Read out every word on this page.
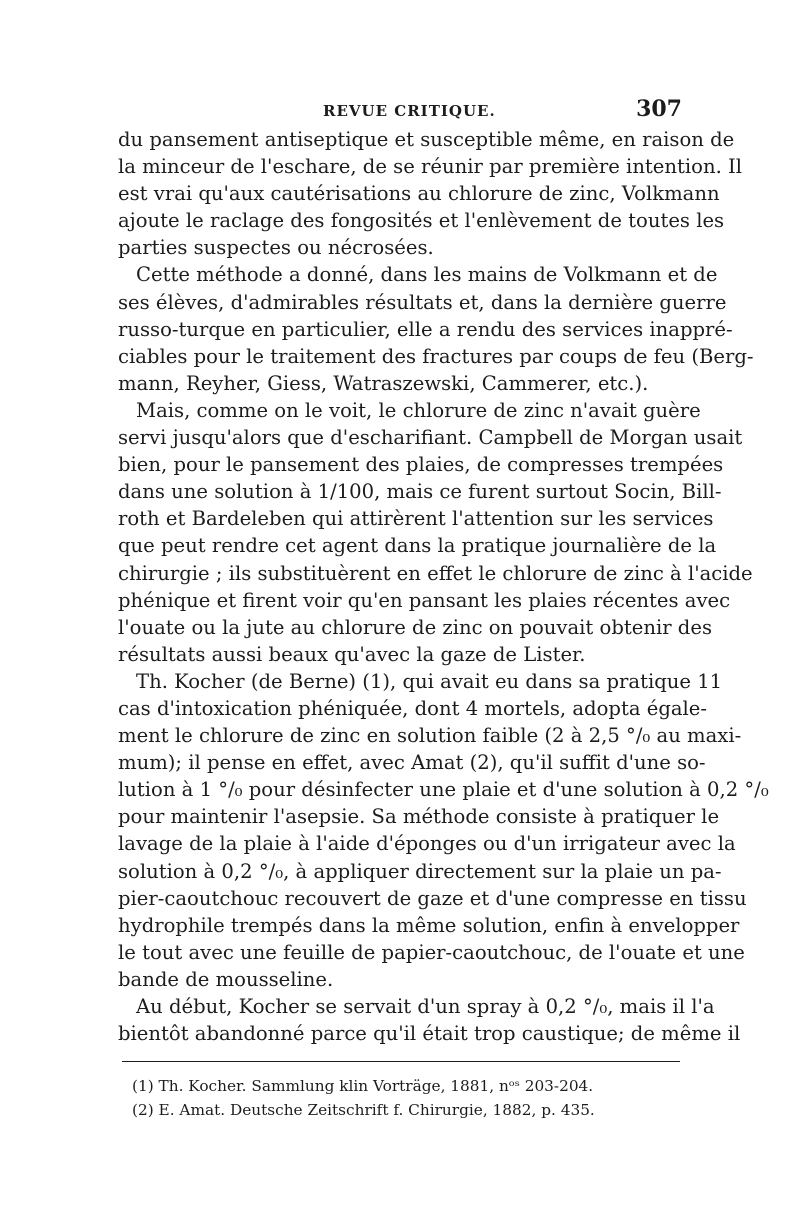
REVUE CRITIQUE.	307
du pansement antiseptique et susceptible même, en raison de
la minceur de l'eschare, de se réunir par première intention. Il
est vrai qu'aux cautérisations au chlorure de zinc, Volkmann
ajoute le raclage des fongosités et l'enlèvement de toutes les
parties suspectes ou nécrosées.
Cette méthode a donné, dans les mains de Volkmann et de
ses élèves, d'admirables résultats et, dans la dernière guerre
russo-turque en particulier, elle a rendu des services inappré-
ciables pour le traitement des fractures par coups de feu (Berg-
mann, Reyher, Giess, Watraszewski, Cammerer, etc.).
Mais, comme on le voit, le chlorure de zinc n'avait guère
servi jusqu'alors que d'escharifiant. Campbell de Morgan usait
bien, pour le pansement des plaies, de compresses trempées
dans une solution à 1/100, mais ce furent surtout Socin, Bill-
roth et Bardeleben qui attirèrent l'attention sur les services
que peut rendre cet agent dans la pratique journalière de la
chirurgie ; ils substituèrent en effet le chlorure de zinc à l'acide
phénique et firent voir qu'en pansant les plaies récentes avec
l'ouate ou la jute au chlorure de zinc on pouvait obtenir des
résultats aussi beaux qu'avec la gaze de Lister.
Th. Kocher (de Berne) (1), qui avait eu dans sa pratique 11
cas d'intoxication phéniquée, dont 4 mortels, adopta égale-
ment le chlorure de zinc en solution faible (2 à 2,5 °/₀ au maxi-
mum); il pense en effet, avec Amat (2), qu'il suffit d'une so-
lution à 1 °/₀ pour désinfecter une plaie et d'une solution à 0,2 °/₀
pour maintenir l'asepsie. Sa méthode consiste à pratiquer le
lavage de la plaie à l'aide d'éponges ou d'un irrigateur avec la
solution à 0,2 °/₀, à appliquer directement sur la plaie un pa-
pier-caoutchouc recouvert de gaze et d'une compresse en tissu
hydrophile trempés dans la même solution, enfin à envelopper
le tout avec une feuille de papier-caoutchouc, de l'ouate et une
bande de mousseline.
Au début, Kocher se servait d'un spray à 0,2 °/₀, mais il l'a
bientôt abandonné parce qu'il était trop caustique; de même il
(1) Th. Kocher. Sammlung klin Vorträge, 1881, nᵒˢ 203-204.
(2) E. Amat. Deutsche Zeitschrift f. Chirurgie, 1882, p. 435.
